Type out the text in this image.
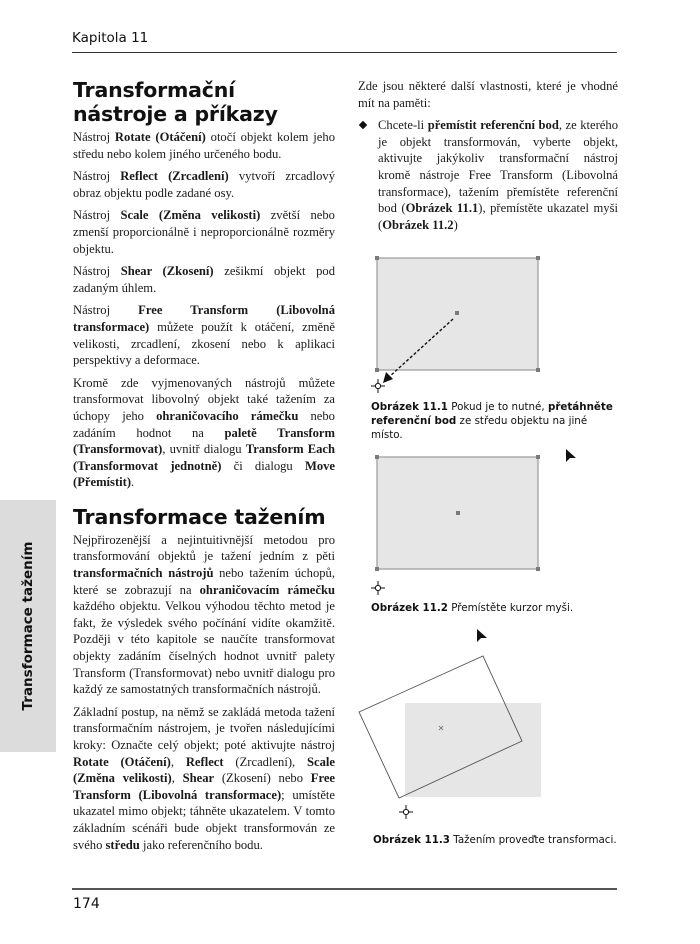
Kapitola 11
Transformace tažením
Transformační nástroje a příkazy

Nástroj Rotate (Otáčení) otočí objekt kolem jeho středu nebo kolem jiného určeného bodu.

Nástroj Reflect (Zrcadlení) vytvoří zrcadlový obraz objektu podle zadané osy.

Nástroj Scale (Změna velikosti) zvětší nebo zmenší proporcionálně i neproporcionálně rozměry objektu.

Nástroj Shear (Zkosení) zešikmí objekt pod zadaným úhlem.

Nástroj Free Transform (Libovolná transformace) můžete použít k otáčení, změně velikosti, zrcadlení, zkosení nebo k aplikaci perspektivy a deformace.

Kromě zde vyjmenovaných nástrojů můžete transformovat libovolný objekt také tažením za úchopy jeho ohraničovacího rámečku nebo zadáním hodnot na paletě Transform (Transformovat), uvnitř dialogu Transform Each (Transformovat jednotně) či dialogu Move (Přemístit).

Transformace tažením

Nejpřirozenější a nejintuitivnější metodou pro transformování objektů je tažení jedním z pěti transformačních nástrojů nebo tažením úchopů, které se zobrazují na ohraničovacím rámečku každého objektu. Velkou výhodou těchto metod je fakt, že výsledek svého počínání vidíte okamžitě. Později v této kapitole se naučíte transformovat objekty zadáním číselných hodnot uvnitř palety Transform (Transformovat) nebo uvnitř dialogu pro každý ze samostatných transformačních nástrojů.

Základní postup, na němž se zakládá metoda tažení transformačním nástrojem, je tvořen následujícími kroky: Označte celý objekt; poté aktivujte nástroj Rotate (Otáčení), Reflect (Zrcadlení), Scale (Změna velikosti), Shear (Zkosení) nebo Free Transform (Libovolná transformace); umístěte ukazatel mimo objekt; táhněte ukazatelem. V tomto základním scénáři bude objekt transformován ze svého středu jako referenčního bodu.

Zde jsou některé další vlastnosti, které je vhodné mít na paměti:

Chcete-li přemístit referenční bod, ze kterého je objekt transformován, vyberte objekt, aktivujte jakýkoliv transformační nástroj kromě nástroje Free Transform (Libovolná transformace), tažením přemístěte referenční bod (Obrázek 11.1), přemístěte ukazatel myši (Obrázek 11.2)

Obrázek 11.1 Pokud je to nutné, přetáhněte referenční bod ze středu objektu na jiné místo.
Obrázek 11.2 Přemístěte kurzor myši.
Obrázek 11.3 Tažením proveďte transformaci.
174
